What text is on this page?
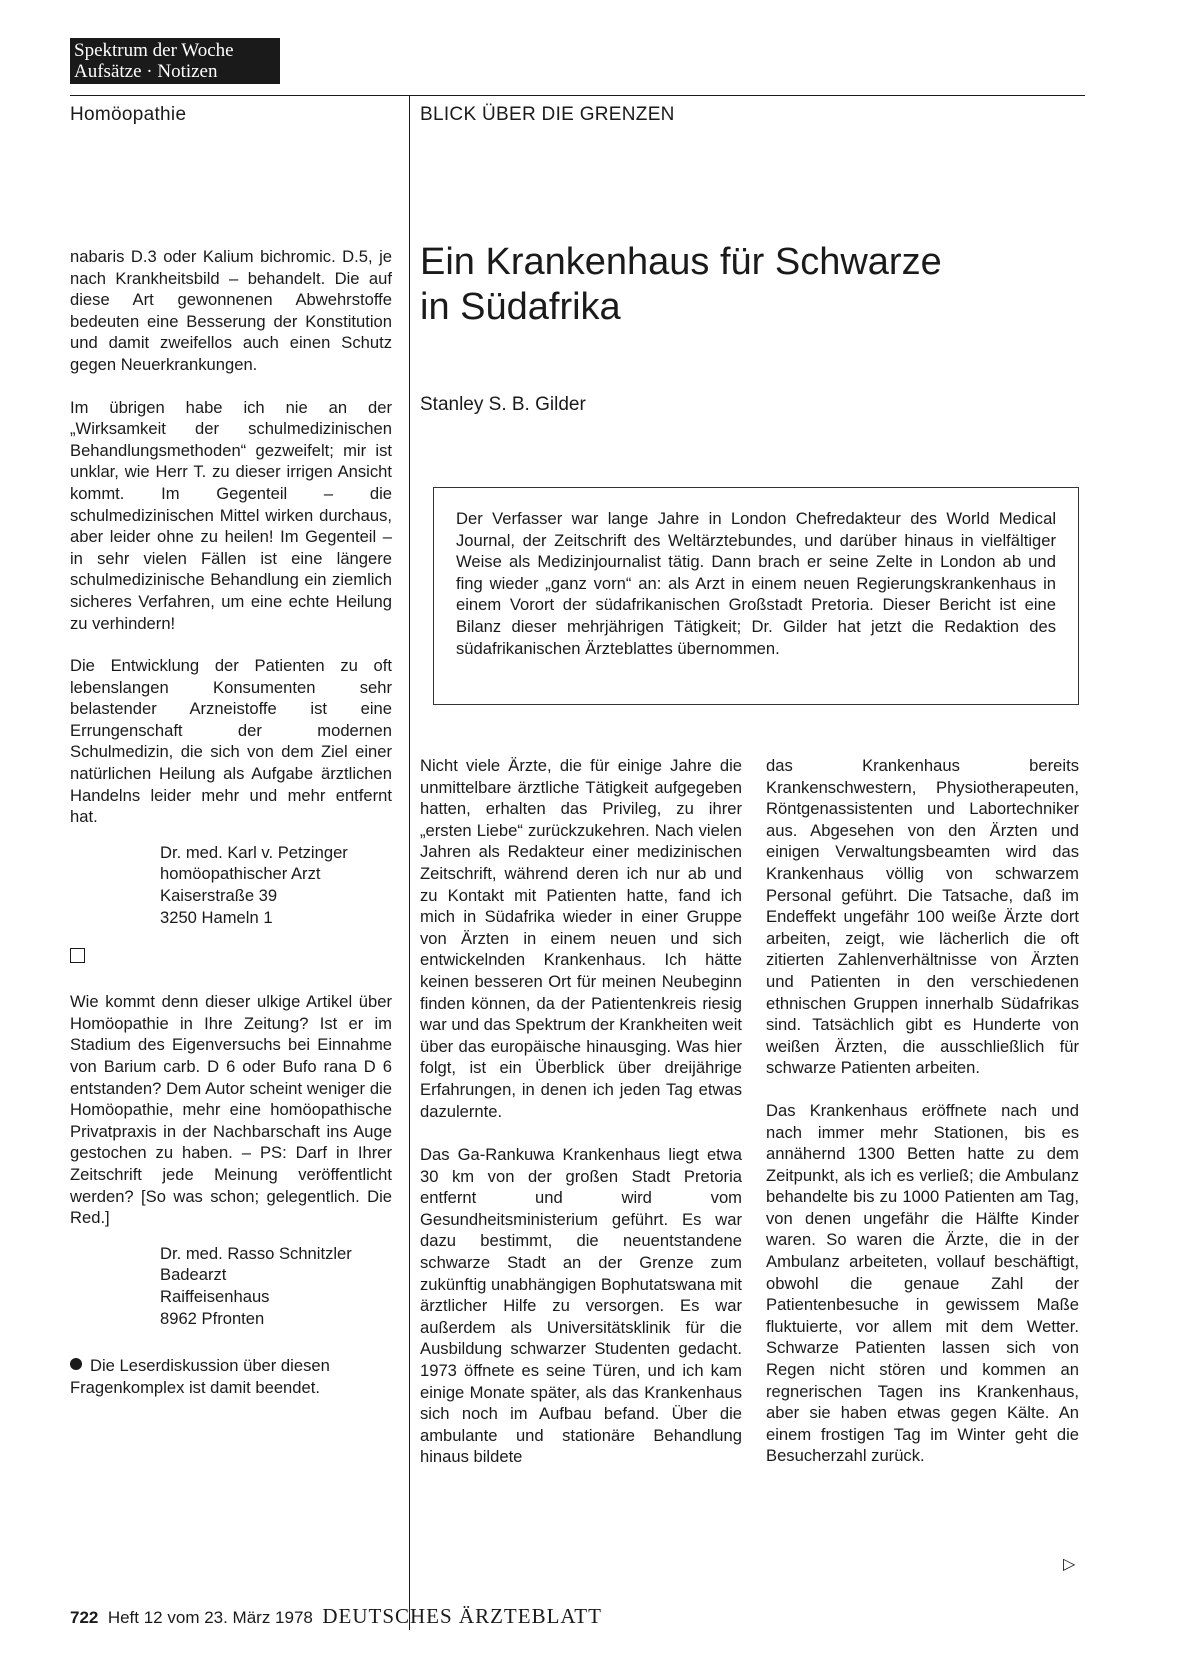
Spektrum der Woche
Aufsätze · Notizen
Homöopathie	BLICK ÜBER DIE GRENZEN

nabaris D.3 oder Kalium bichromic. D.5, je nach Krankheitsbild – behandelt. Die auf diese Art gewonnenen Abwehrstoffe bedeuten eine Besserung der Konstitution und damit zweifellos auch einen Schutz gegen Neuerkrankungen.

Im übrigen habe ich nie an der „Wirksamkeit der schulmedizinischen Behandlungsmethoden“ gezweifelt; mir ist unklar, wie Herr T. zu dieser irrigen Ansicht kommt. Im Gegenteil – die schulmedizinischen Mittel wirken durchaus, aber leider ohne zu heilen! Im Gegenteil – in sehr vielen Fällen ist eine längere schulmedizinische Behandlung ein ziemlich sicheres Verfahren, um eine echte Heilung zu verhindern!

Die Entwicklung der Patienten zu oft lebenslangen Konsumenten sehr belastender Arzneistoffe ist eine Errungenschaft der modernen Schulmedizin, die sich von dem Ziel einer natürlichen Heilung als Aufgabe ärztlichen Handelns leider mehr und mehr entfernt hat.

Dr. med. Karl v. Petzinger
homöopathischer Arzt
Kaiserstraße 39
3250 Hameln 1

Wie kommt denn dieser ulkige Artikel über Homöopathie in Ihre Zeitung? Ist er im Stadium des Eigenversuchs bei Einnahme von Barium carb. D 6 oder Bufo rana D 6 entstanden? Dem Autor scheint weniger die Homöopathie, mehr eine homöopathische Privatpraxis in der Nachbarschaft ins Auge gestochen zu haben. – PS: Darf in Ihrer Zeitschrift jede Meinung veröffentlicht werden? [So was schon; gelegentlich. Die Red.]

Dr. med. Rasso Schnitzler
Badearzt
Raiffeisenhaus
8962 Pfronten
Die Leserdiskussion über diesen Fragenkomplex ist damit beendet.
Ein Krankenhaus für Schwarze
in Südafrika
Stanley S. B. Gilder
Der Verfasser war lange Jahre in London Chefredakteur des World Medical Journal, der Zeitschrift des Weltärztebundes, und darüber hinaus in vielfältiger Weise als Medizinjournalist tätig. Dann brach er seine Zelte in London ab und fing wieder „ganz vorn“ an: als Arzt in einem neuen Regierungskrankenhaus in einem Vorort der südafrikanischen Großstadt Pretoria. Dieser Bericht ist eine Bilanz dieser mehrjährigen Tätigkeit; Dr. Gilder hat jetzt die Redaktion des südafrikanischen Ärzteblattes übernommen.

Nicht viele Ärzte, die für einige Jahre die unmittelbare ärztliche Tätigkeit aufgegeben hatten, erhalten das Privileg, zu ihrer „ersten Liebe“ zurückzukehren. Nach vielen Jahren als Redakteur einer medizinischen Zeitschrift, während deren ich nur ab und zu Kontakt mit Patienten hatte, fand ich mich in Südafrika wieder in einer Gruppe von Ärzten in einem neuen und sich entwickelnden Krankenhaus. Ich hätte keinen besseren Ort für meinen Neubeginn finden können, da der Patientenkreis riesig war und das Spektrum der Krankheiten weit über das europäische hinausging. Was hier folgt, ist ein Überblick über dreijährige Erfahrungen, in denen ich jeden Tag etwas dazulernte.

Das Ga-Rankuwa Krankenhaus liegt etwa 30 km von der großen Stadt Pretoria entfernt und wird vom Gesundheitsministerium geführt. Es war dazu bestimmt, die neuentstandene schwarze Stadt an der Grenze zum zukünftig unabhängigen Bophutatswana mit ärztlicher Hilfe zu versorgen. Es war außerdem als Universitätsklinik für die Ausbildung schwarzer Studenten gedacht. 1973 öffnete es seine Türen, und ich kam einige Monate später, als das Krankenhaus sich noch im Aufbau befand. Über die ambulante und stationäre Behandlung hinaus bildete

das Krankenhaus bereits Krankenschwestern, Physiotherapeuten, Röntgenassistenten und Labortechniker aus. Abgesehen von den Ärzten und einigen Verwaltungsbeamten wird das Krankenhaus völlig von schwarzem Personal geführt. Die Tatsache, daß im Endeffekt ungefähr 100 weiße Ärzte dort arbeiten, zeigt, wie lächerlich die oft zitierten Zahlenverhältnisse von Ärzten und Patienten in den verschiedenen ethnischen Gruppen innerhalb Südafrikas sind. Tatsächlich gibt es Hunderte von weißen Ärzten, die ausschließlich für schwarze Patienten arbeiten.

Das Krankenhaus eröffnete nach und nach immer mehr Stationen, bis es annähernd 1300 Betten hatte zu dem Zeitpunkt, als ich es verließ; die Ambulanz behandelte bis zu 1000 Patienten am Tag, von denen ungefähr die Hälfte Kinder waren. So waren die Ärzte, die in der Ambulanz arbeiteten, vollauf beschäftigt, obwohl die genaue Zahl der Patientenbesuche in gewissem Maße fluktuierte, vor allem mit dem Wetter. Schwarze Patienten lassen sich von Regen nicht stören und kommen an regnerischen Tagen ins Krankenhaus, aber sie haben etwas gegen Kälte. An einem frostigen Tag im Winter geht die Besucherzahl zurück.

▷
722 Heft 12 vom 23. März 1978 DEUTSCHES ÄRZTEBLATT
